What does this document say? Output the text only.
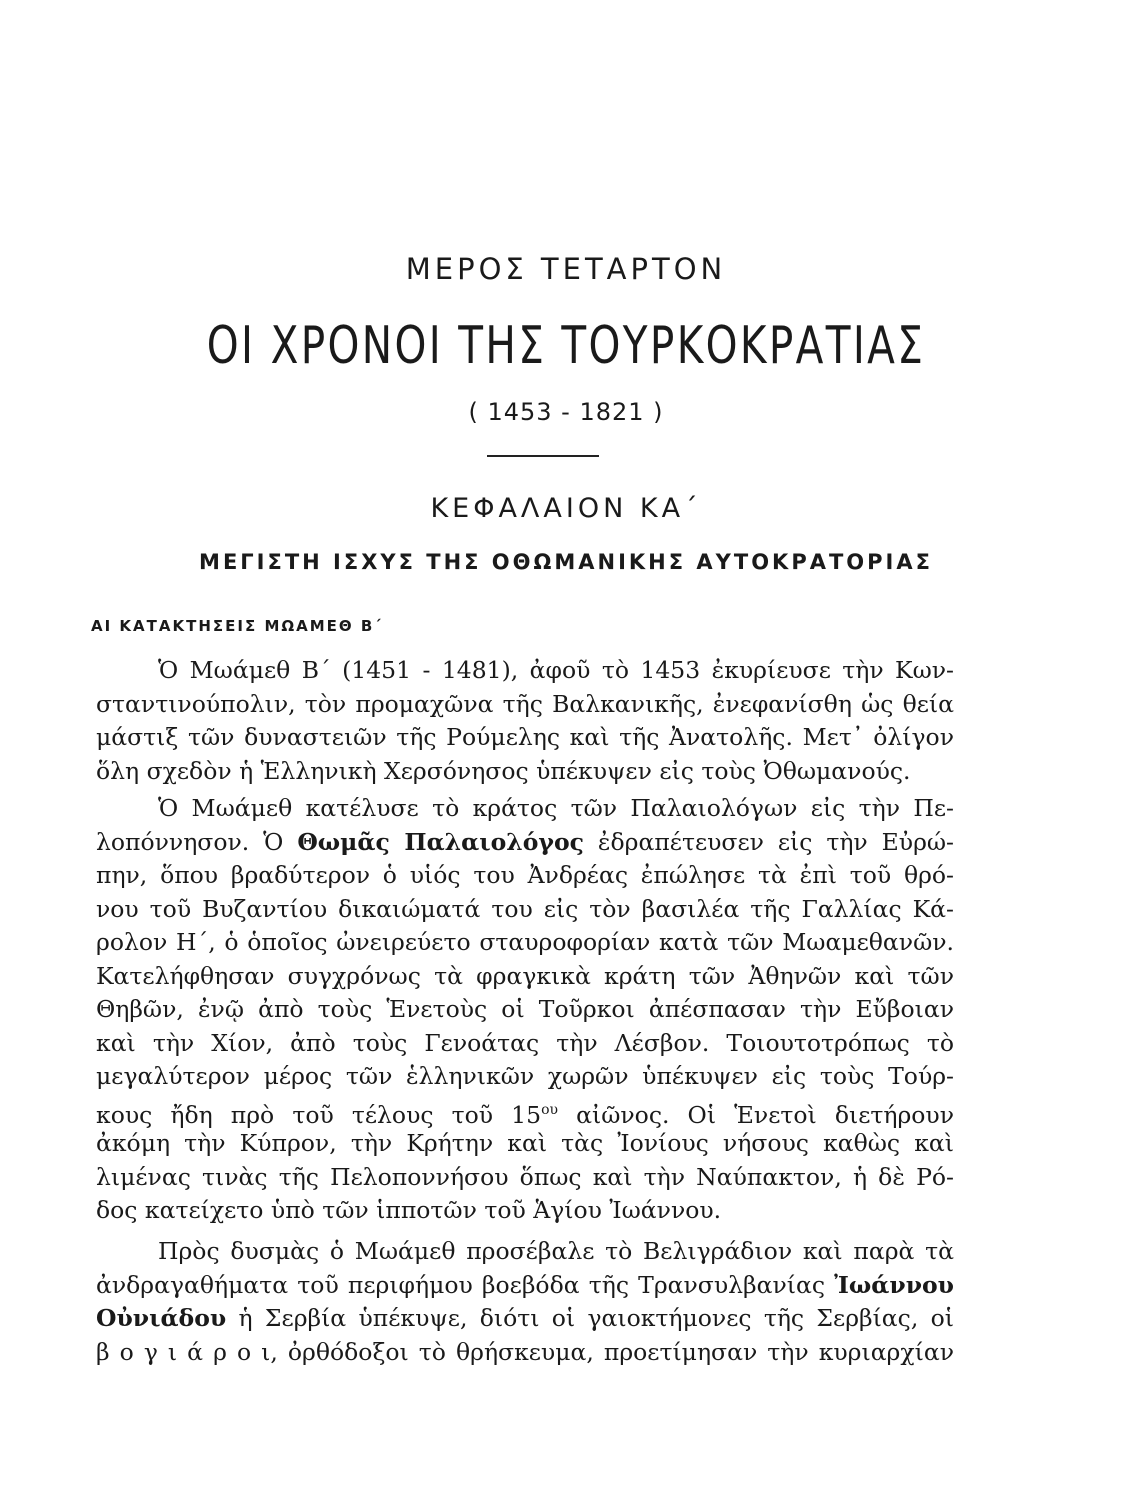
ΜΕΡΟΣ ΤΕΤΑΡΤΟΝ
ΟΙ ΧΡΟΝΟΙ ΤΗΣ ΤΟΥΡΚΟΚΡΑΤΙΑΣ
( 1453 - 1821 )
ΚΕΦΑΛΑΙΟΝ ΚΑ΄
ΜΕΓΙΣΤΗ ΙΣΧΥΣ ΤΗΣ ΟΘΩΜΑΝΙΚΗΣ ΑΥΤΟΚΡΑΤΟΡΙΑΣ
ΑΙ ΚΑΤΑΚΤΗΣΕΙΣ ΜΩΑΜΕΘ Β΄
Ὁ Μωάμεθ Β΄ (1451 - 1481), ἀφοῦ τὸ 1453 ἐκυρίευσε τὴν Κων-
σταντινούπολιν, τὸν προμαχῶνα τῆς Βαλκανικῆς, ἐνεφανίσθη ὡς θεία
μάστιξ τῶν δυναστειῶν τῆς Ρούμελης καὶ τῆς Ἀνατολῆς. Μετ᾿ ὀλίγον
ὅλη σχεδὸν ἡ Ἑλληνικὴ Χερσόνησος ὑπέκυψεν εἰς τοὺς Ὀθωμανούς.
Ὁ Μωάμεθ κατέλυσε τὸ κράτος τῶν Παλαιολόγων εἰς τὴν Πε-
λοπόννησον. Ὁ Θωμᾶς Παλαιολόγος ἐδραπέτευσεν εἰς τὴν Εὐρώ-
πην, ὅπου βραδύτερον ὁ υἱός του Ἀνδρέας ἐπώλησε τὰ ἐπὶ τοῦ θρό-
νου τοῦ Βυζαντίου δικαιώματά του εἰς τὸν βασιλέα τῆς Γαλλίας Κά-
ρολον Η΄, ὁ ὁποῖος ὠνειρεύετο σταυροφορίαν κατὰ τῶν Μωαμεθανῶν.
Κατελήφθησαν συγχρόνως τὰ φραγκικὰ κράτη τῶν Ἀθηνῶν καὶ τῶν
Θηβῶν, ἐνῷ ἀπὸ τοὺς Ἑνετοὺς οἱ Τοῦρκοι ἀπέσπασαν τὴν Εὔβοιαν
καὶ τὴν Χίον, ἀπὸ τοὺς Γενοάτας τὴν Λέσβον. Τοιουτοτρόπως τὸ
μεγαλύτερον μέρος τῶν ἑλληνικῶν χωρῶν ὑπέκυψεν εἰς τοὺς Τούρ-
κους ἤδη πρὸ τοῦ τέλους τοῦ $15^{o\upsilon}$ αἰῶνος. Οἱ Ἑνετοὶ διετήρουν
ἀκόμη τὴν Κύπρον, τὴν Κρήτην καὶ τὰς Ἰονίους νήσους καθὼς καὶ
λιμένας τινὰς τῆς Πελοποννήσου ὅπως καὶ τὴν Ναύπακτον, ἡ δὲ Ρό-
δος κατείχετο ὑπὸ τῶν ἱπποτῶν τοῦ Ἁγίου Ἰωάννου.
Πρὸς δυσμὰς ὁ Μωάμεθ προσέβαλε τὸ Βελιγράδιον καὶ παρὰ τὰ
ἀνδραγαθήματα τοῦ περιφήμου βοεβόδα τῆς Τρανσυλβανίας Ἰωάννου
Οὐνιάδου ἡ Σερβία ὑπέκυψε, διότι οἱ γαιοκτήμονες τῆς Σερβίας, οἱ
β ο γ ι ά ρ ο ι, ὀρθόδοξοι τὸ θρήσκευμα, προετίμησαν τὴν κυριαρχίαν
